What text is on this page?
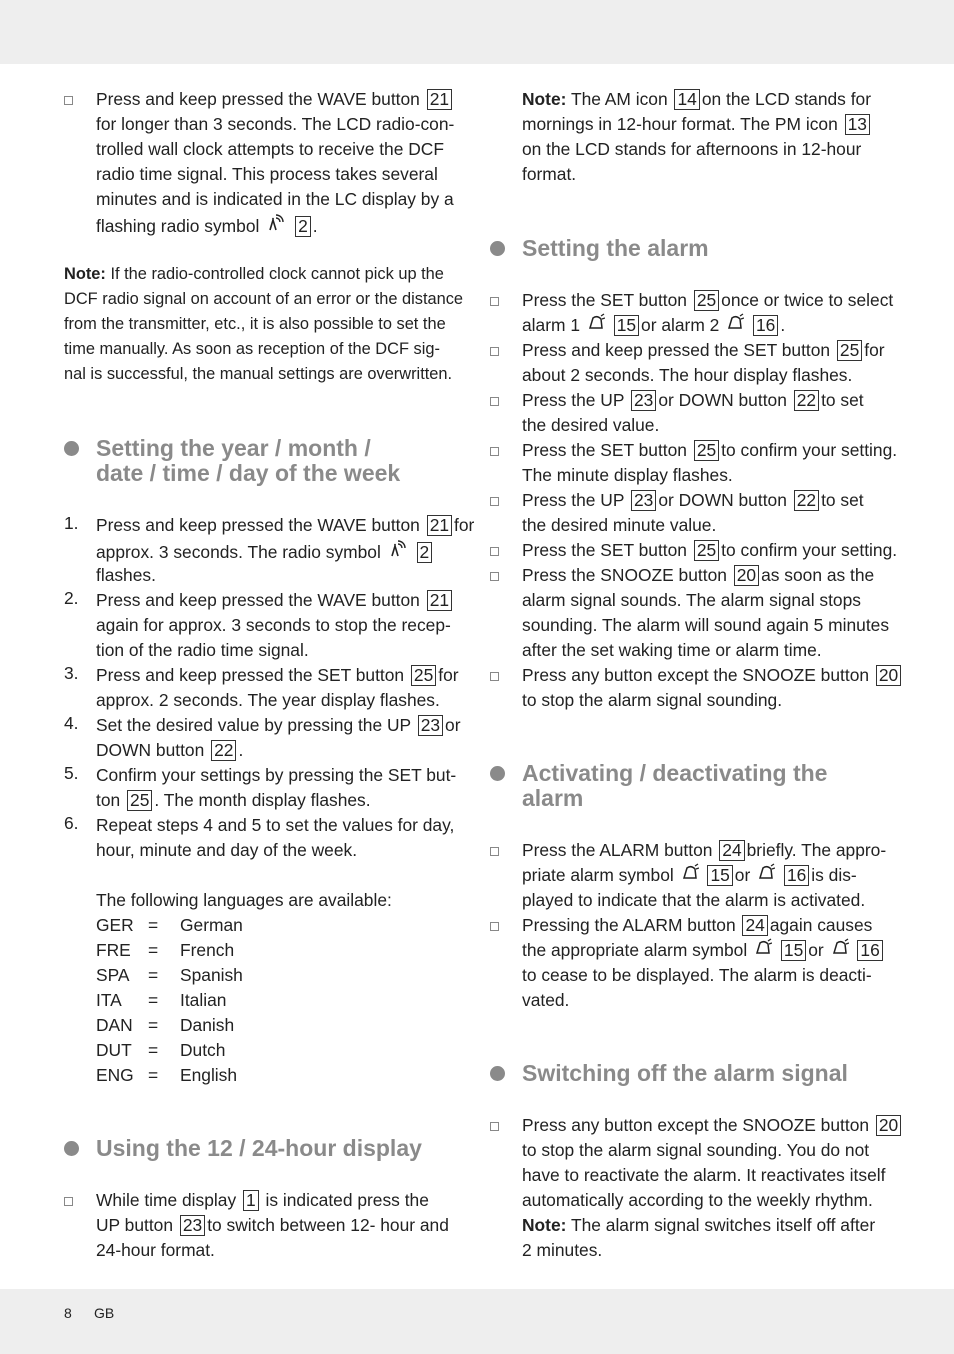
Press and keep pressed the WAVE button 21
for longer than 3 seconds. The LCD radio-con-
trolled wall clock attempts to receive the DCF
radio time signal. This process takes several
minutes and is indicated in the LC display by a
flashing radio symbol 2 .
Note: If the radio-controlled clock cannot pick up the
DCF radio signal on account of an error or the distance
from the transmitter, etc., it is also possible to set the
time manually. As soon as reception of the DCF sig-
nal is successful, the manual settings are overwritten.
Setting the year / month /
date / time / day of the week
1. Press and keep pressed the WAVE button 21 for
approx. 3 seconds. The radio symbol 2
flashes.
2. Press and keep pressed the WAVE button 21
again for approx. 3 seconds to stop the recep-
tion of the radio time signal.
3. Press and keep pressed the SET button 25 for
approx. 2 seconds. The year display flashes.
4. Set the desired value by pressing the UP 23 or
DOWN button 22 .
5. Confirm your settings by pressing the SET but-
ton 25 . The month display flashes.
6. Repeat steps 4 and 5 to set the values for day,
hour, minute and day of the week.
The following languages are available:
GER = German
FRE = French
SPA = Spanish
ITA = Italian
DAN = Danish
DUT = Dutch
ENG = English
Using the 12 / 24-hour display
While time display 1 is indicated press the
UP button 23 to switch between 12- hour and
24-hour format.
Note: The AM icon 14 on the LCD stands for
mornings in 12-hour format. The PM icon 13
on the LCD stands for afternoons in 12-hour
format.
Setting the alarm
Press the SET button 25 once or twice to select
alarm 1 15 or alarm 2 16 .
Press and keep pressed the SET button 25 for
about 2 seconds. The hour display flashes.
Press the UP 23 or DOWN button 22 to set
the desired value.
Press the SET button 25 to confirm your setting.
The minute display flashes.
Press the UP 23 or DOWN button 22 to set
the desired minute value.
Press the SET button 25 to confirm your setting.
Press the SNOOZE button 20 as soon as the
alarm signal sounds. The alarm signal stops
sounding. The alarm will sound again 5 minutes
after the set waking time or alarm time.
Press any button except the SNOOZE button 20
to stop the alarm signal sounding.
Activating / deactivating the
alarm
Press the ALARM button 24 briefly. The appro-
priate alarm symbol 15 or 16 is dis-
played to indicate that the alarm is activated.
Pressing the ALARM button 24 again causes
the appropriate alarm symbol 15 or 16
to cease to be displayed. The alarm is deacti-
vated.
Switching off the alarm signal
Press any button except the SNOOZE button 20
to stop the alarm signal sounding. You do not
have to reactivate the alarm. It reactivates itself
automatically according to the weekly rhythm.
Note: The alarm signal switches itself off after
2 minutes.
8 GB
